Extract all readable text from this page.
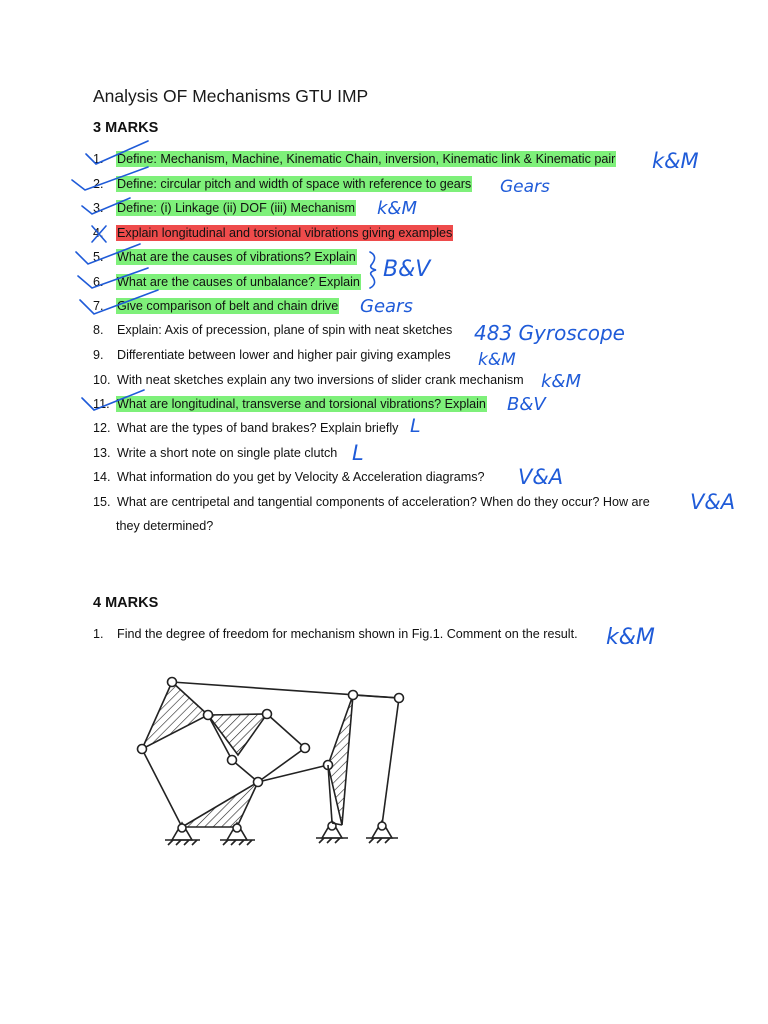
Analysis OF Mechanisms GTU IMP
3 MARKS
1. Define: Mechanism, Machine, Kinematic Chain, inversion, Kinematic link & Kinematic pair
2. Define: circular pitch and width of space with reference to gears
3. Define: (i) Linkage (ii) DOF (iii) Mechanism
4. Explain longitudinal and torsional vibrations giving examples
5. What are the causes of vibrations? Explain
6. What are the causes of unbalance? Explain
7. Give comparison of belt and chain drive
8. Explain: Axis of precession, plane of spin with neat sketches
9. Differentiate between lower and higher pair giving examples
10. With neat sketches explain any two inversions of slider crank mechanism
11. What are longitudinal, transverse and torsional vibrations? Explain
12. What are the types of band brakes? Explain briefly
13. Write a short note on single plate clutch
14. What information do you get by Velocity & Acceleration diagrams?
15. What are centripetal and tangential components of acceleration? When do they occur? How are
they determined?
4 MARKS
1. Find the degree of freedom for mechanism shown in Fig.1. Comment on the result.
k&M
Gears
k&M
B&V
Gears
483 Gyroscope
k&M
k&M
B&V
L
L
V&A
V&A
k&M
